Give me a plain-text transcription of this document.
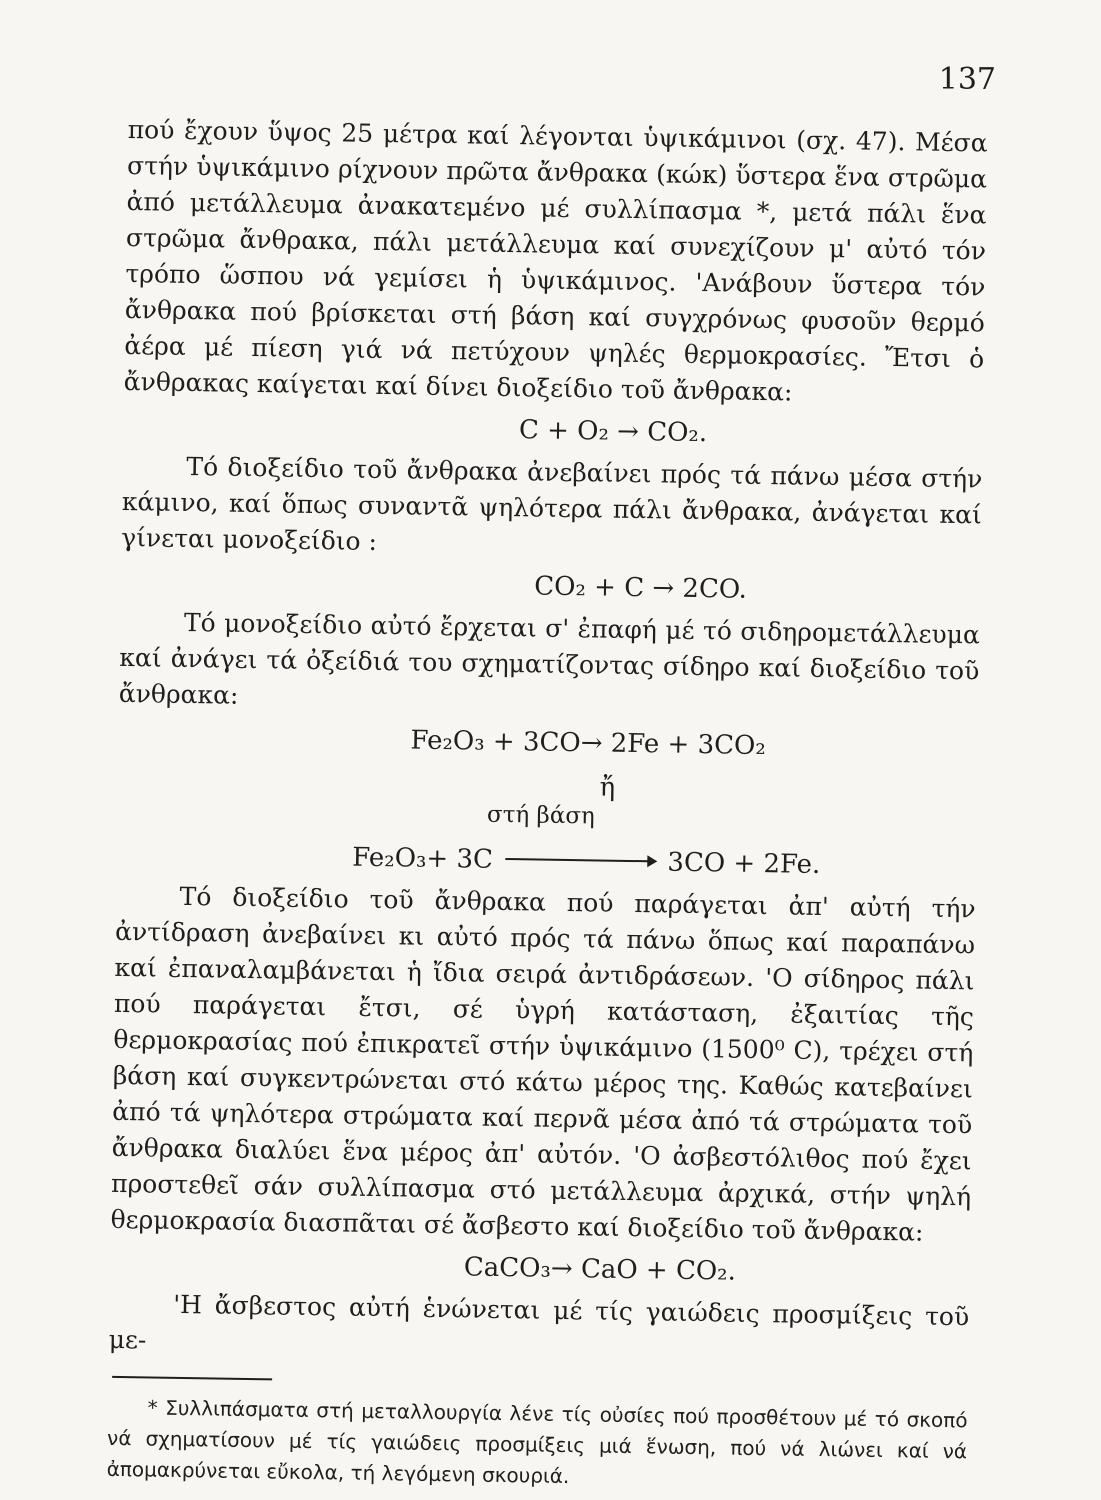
137

πού ἔχουν ὕψος 25 μέτρα καί λέγονται ὑψικάμινοι (σχ. 47). Μέσα στήν ὑψικάμινο ρίχνουν πρῶτα ἄνθρακα (κώκ) ὕστερα ἕνα στρῶμα ἀπό μετάλλευμα ἀνακατεμένο μέ συλλίπασμα *, μετά πάλι ἕνα στρῶμα ἄνθρακα, πάλι μετάλλευμα καί συνεχίζουν μ' αὐτό τόν τρόπο ὥσπου νά γεμίσει ἡ ὑψικάμινος. 'Ανάβουν ὕστερα τόν ἄνθρακα πού βρίσκεται στή βάση καί συγχρόνως φυσοῦν θερμό ἀέρα μέ πίεση γιά νά πετύχουν ψηλές θερμοκρασίες. Ἔτσι ὁ ἄνθρακας καίγεται καί δίνει διοξείδιο τοῦ ἄνθρακα:

C + O₂ → CO₂.

Τό διοξείδιο τοῦ ἄνθρακα ἀνεβαίνει πρός τά πάνω μέσα στήν κάμινο, καί ὅπως συναντᾶ ψηλότερα πάλι ἄνθρακα, ἀνάγεται καί γίνεται μονοξείδιο :

CO₂ + C → 2CO.

Τό μονοξείδιο αὐτό ἔρχεται σ' ἐπαφή μέ τό σιδηρομετάλλευμα καί ἀνάγει τά ὀξείδιά του σχηματίζοντας σίδηρο καί διοξείδιο τοῦ ἄνθρακα:

Fe₂O₃ + 3CO→ 2Fe + 3CO₂

ἤ

στή βάση

Fe₂O₃+ 3C	3CO + 2Fe.

Τό διοξείδιο τοῦ ἄνθρακα πού παράγεται ἀπ' αὐτή τήν ἀντίδραση ἀνεβαίνει κι αὐτό πρός τά πάνω ὅπως καί παραπάνω καί ἐπαναλαμβάνεται ἡ ἴδια σειρά ἀντιδράσεων. 'Ο σίδηρος πάλι πού παράγεται ἔτσι, σέ ὑγρή κατάσταση, ἐξαιτίας τῆς θερμοκρασίας πού ἐπικρατεῖ στήν ὑψικάμινο (1500⁰ C), τρέχει στή βάση καί συγκεντρώνεται στό κάτω μέρος της. Καθώς κατεβαίνει ἀπό τά ψηλότερα στρώματα καί περνᾶ μέσα ἀπό τά στρώματα τοῦ ἄνθρακα διαλύει ἕνα μέρος ἀπ' αὐτόν. 'Ο ἀσβεστόλιθος πού ἔχει προστεθεῖ σάν συλλίπασμα στό μετάλλευμα ἀρχικά, στήν ψηλή θερμοκρασία διασπᾶται σέ ἄσβεστο καί διοξείδιο τοῦ ἄνθρακα:

CaCO₃→ CaO + CO₂.

'Η ἄσβεστος αὐτή ἑνώνεται μέ τίς γαιώδεις προσμίξεις τοῦ με-

* Συλλιπάσματα στή μεταλλουργία λένε τίς οὐσίες πού προσθέτουν μέ τό σκοπό νά σχηματίσουν μέ τίς γαιώδεις προσμίξεις μιά ἕνωση, πού νά λιώνει καί νά ἀπομακρύνεται εὔκολα, τή λεγόμενη σκουριά.
